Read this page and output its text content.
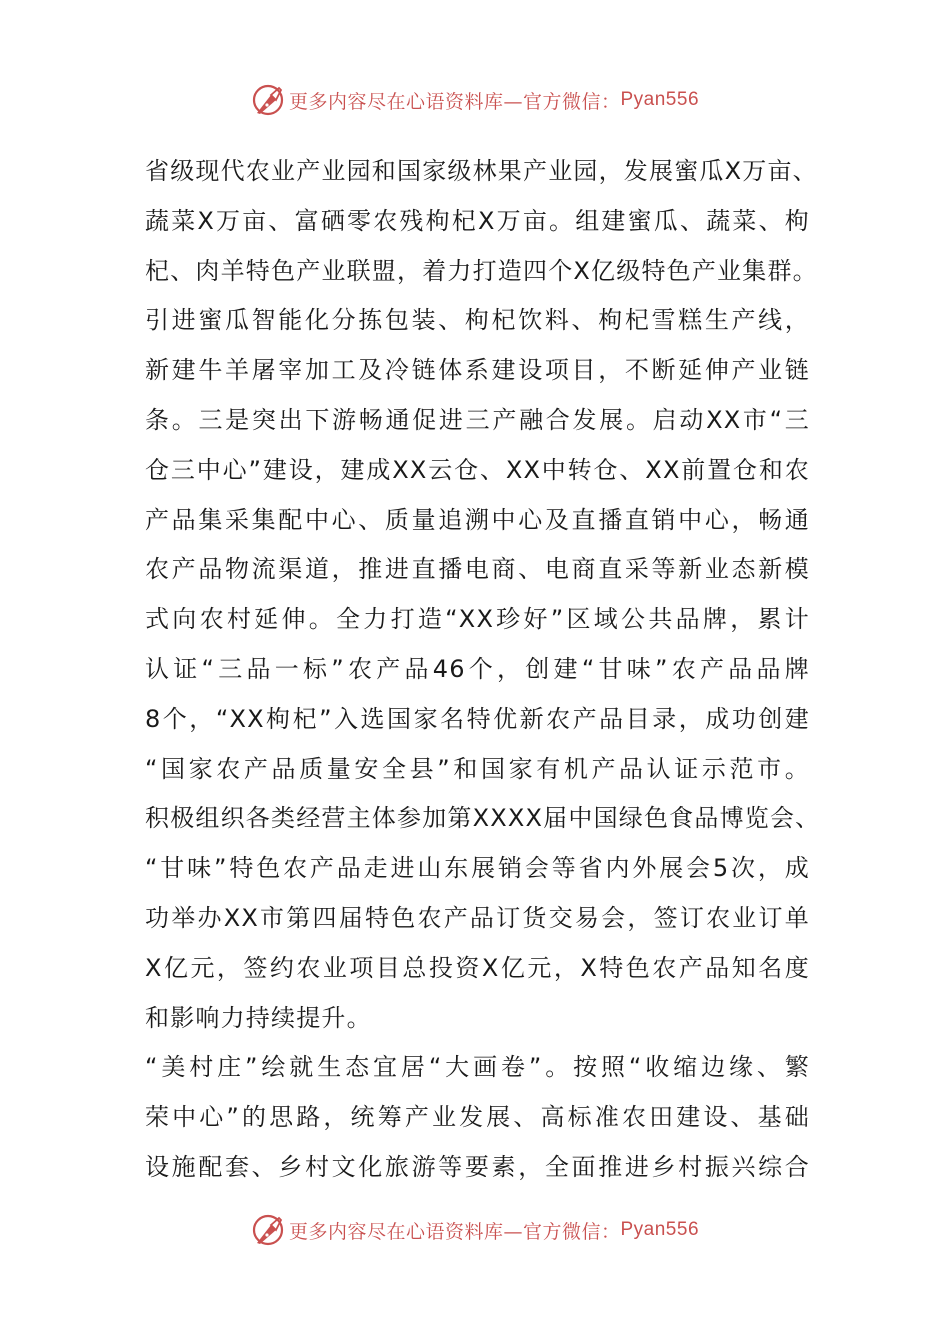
更多内容尽在心语资料库—官方微信： Pyan556
省级现代农业产业园和国家级林果产业园，发展蜜瓜X万亩、
蔬菜X万亩、富硒零农残枸杞X万亩。组建蜜瓜、蔬菜、枸
杞、肉羊特色产业联盟，着力打造四个X亿级特色产业集群。
引进蜜瓜智能化分拣包装、枸杞饮料、枸杞雪糕生产线，
新建牛羊屠宰加工及冷链体系建设项目，不断延伸产业链
条。三是突出下游畅通促进三产融合发展。启动XX市“三
仓三中心”建设，建成XX云仓、XX中转仓、XX前置仓和农
产品集采集配中心、质量追溯中心及直播直销中心，畅通
农产品物流渠道，推进直播电商、电商直采等新业态新模
式向农村延伸。全力打造“XX珍好”区域公共品牌，累计
认证“三品一标”农产品46个，创建“甘味”农产品品牌
8个，“XX枸杞”入选国家名特优新农产品目录，成功创建
“国家农产品质量安全县”和国家有机产品认证示范市。
积极组织各类经营主体参加第XXXX届中国绿色食品博览会、
“甘味”特色农产品走进山东展销会等省内外展会5次，成
功举办XX市第四届特色农产品订货交易会，签订农业订单
X亿元，签约农业项目总投资X亿元，X特色农产品知名度
和影响力持续提升。
“美村庄”绘就生态宜居“大画卷”。按照“收缩边缘、繁
荣中心”的思路，统筹产业发展、高标准农田建设、基础
设施配套、乡村文化旅游等要素，全面推进乡村振兴综合
更多内容尽在心语资料库—官方微信： Pyan556
